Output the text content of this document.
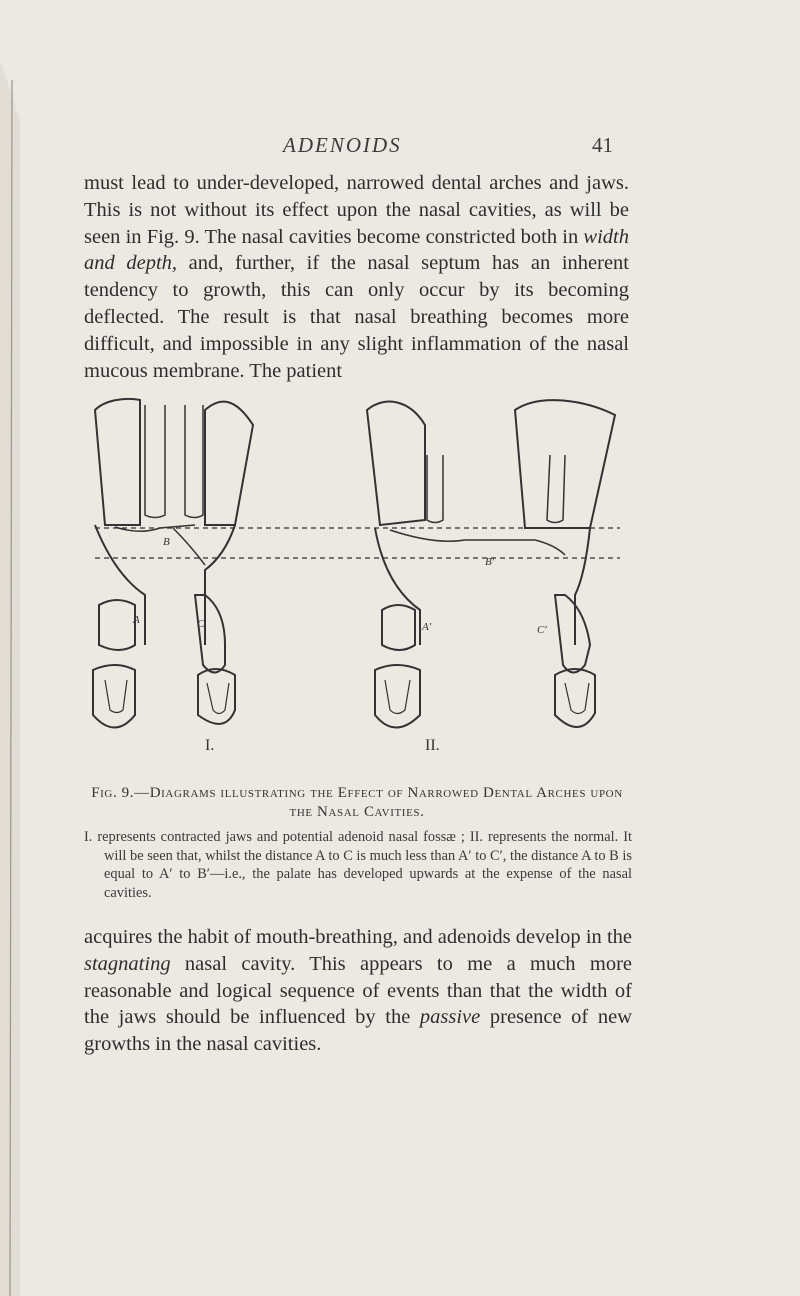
ADENOIDS	41

must lead to under-developed, narrowed dental arches and jaws. This is not without its effect upon the nasal cavities, as will be seen in Fig. 9. The nasal cavities become constricted both in width and depth, and, further, if the nasal septum has an inherent tendency to growth, this can only occur by its becoming deflected. The result is that nasal breathing becomes more difficult, and impossible in any slight inflammation of the nasal mucous membrane. The patient

B
A	C
B′
A′	C′
I.	II.
Fig. 9.—Diagrams illustrating the Effect of Narrowed Dental Arches upon the Nasal Cavities.
I. represents contracted jaws and potential adenoid nasal fossæ ; II. represents the normal. It will be seen that, whilst the distance A to C is much less than A′ to C′, the distance A to B is equal to A′ to B′—i.e., the palate has developed upwards at the expense of the nasal cavities.

acquires the habit of mouth-breathing, and adenoids develop in the stagnating nasal cavity. This appears to me a much more reasonable and logical sequence of events than that the width of the jaws should be influenced by the passive presence of new growths in the nasal cavities.
